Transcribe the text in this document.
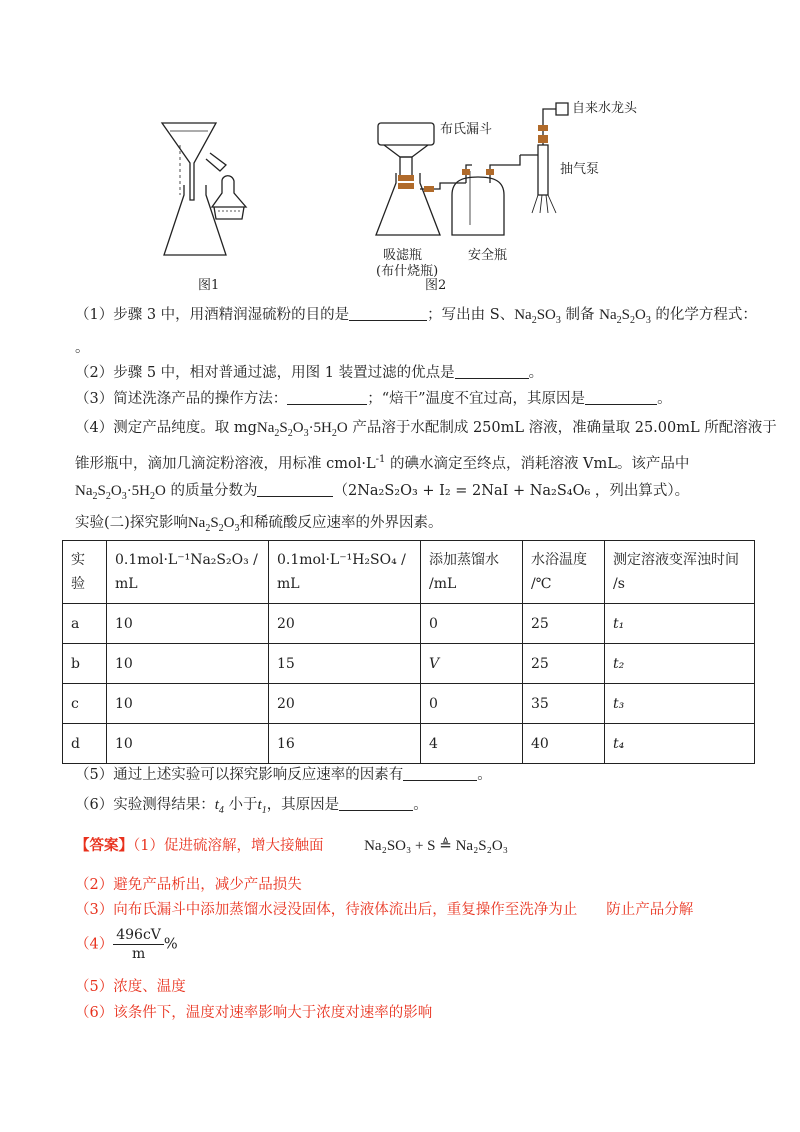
图1
布氏漏斗
自来水龙头
抽气泵
吸滤瓶
(布什烧瓶)
安全瓶
图2
（1）步骤 3 中，用酒精润湿硫粉的目的是	；写出由 S、$Na_2SO_3$ 制备 $Na_2S_2O_3$ 的化学方程式：
。
（2）步骤 5 中，相对普通过滤，用图 1 装置过滤的优点是	。
（3）简述洗涤产品的操作方法：	；“焙干”温度不宜过高，其原因是	。
（4）测定产品纯度。取 $mgNa_2S_2O_3\cdot 5H_2O$ 产品溶于水配制成 250mL 溶液，准确量取 25.00mL 所配溶液于
锥形瓶中，滴加几滴淀粉溶液，用标准 $cmol\cdot L^{-1}$ 的碘水滴定至终点，消耗溶液 VmL。该产品中
$Na_2S_2O_3\cdot 5H_2O$ 的质量分数为	（2Na₂S₂O₃ + I₂ = 2NaI + Na₂S₄O₆ ，列出算式）。
实验(二)探究影响$Na_2S_2O_3$和稀硫酸反应速率的外界因素。
实验	0.1mol·L⁻¹Na₂S₂O₃ / mL	0.1mol·L⁻¹H₂SO₄ / mL	添加蒸馏水 /mL	水浴温度 /℃	测定溶液变浑浊时间 /s
a	10	20	0	25	t₁
b	10	15	V	25	t₂
c	10	20	0	35	t₃
d	10	16	4	40	t₄
（5）通过上述实验可以探究影响反应速率的因素有	。
（6）实验测得结果：$t_4$ 小于$t_1$，其原因是	。
【答案】（1）促进硫溶解，增大接触面	Na₂SO₃ + S ≜ Na₂S₂O₃
（2）避免产品析出，减少产品损失
（3）向布氏漏斗中添加蒸馏水浸没固体，待液体流出后，重复操作至洗净为止　　防止产品分解
$(4) \frac{496cV}{m}$ %
（5）浓度、温度
（6）该条件下，温度对速率影响大于浓度对速率的影响
